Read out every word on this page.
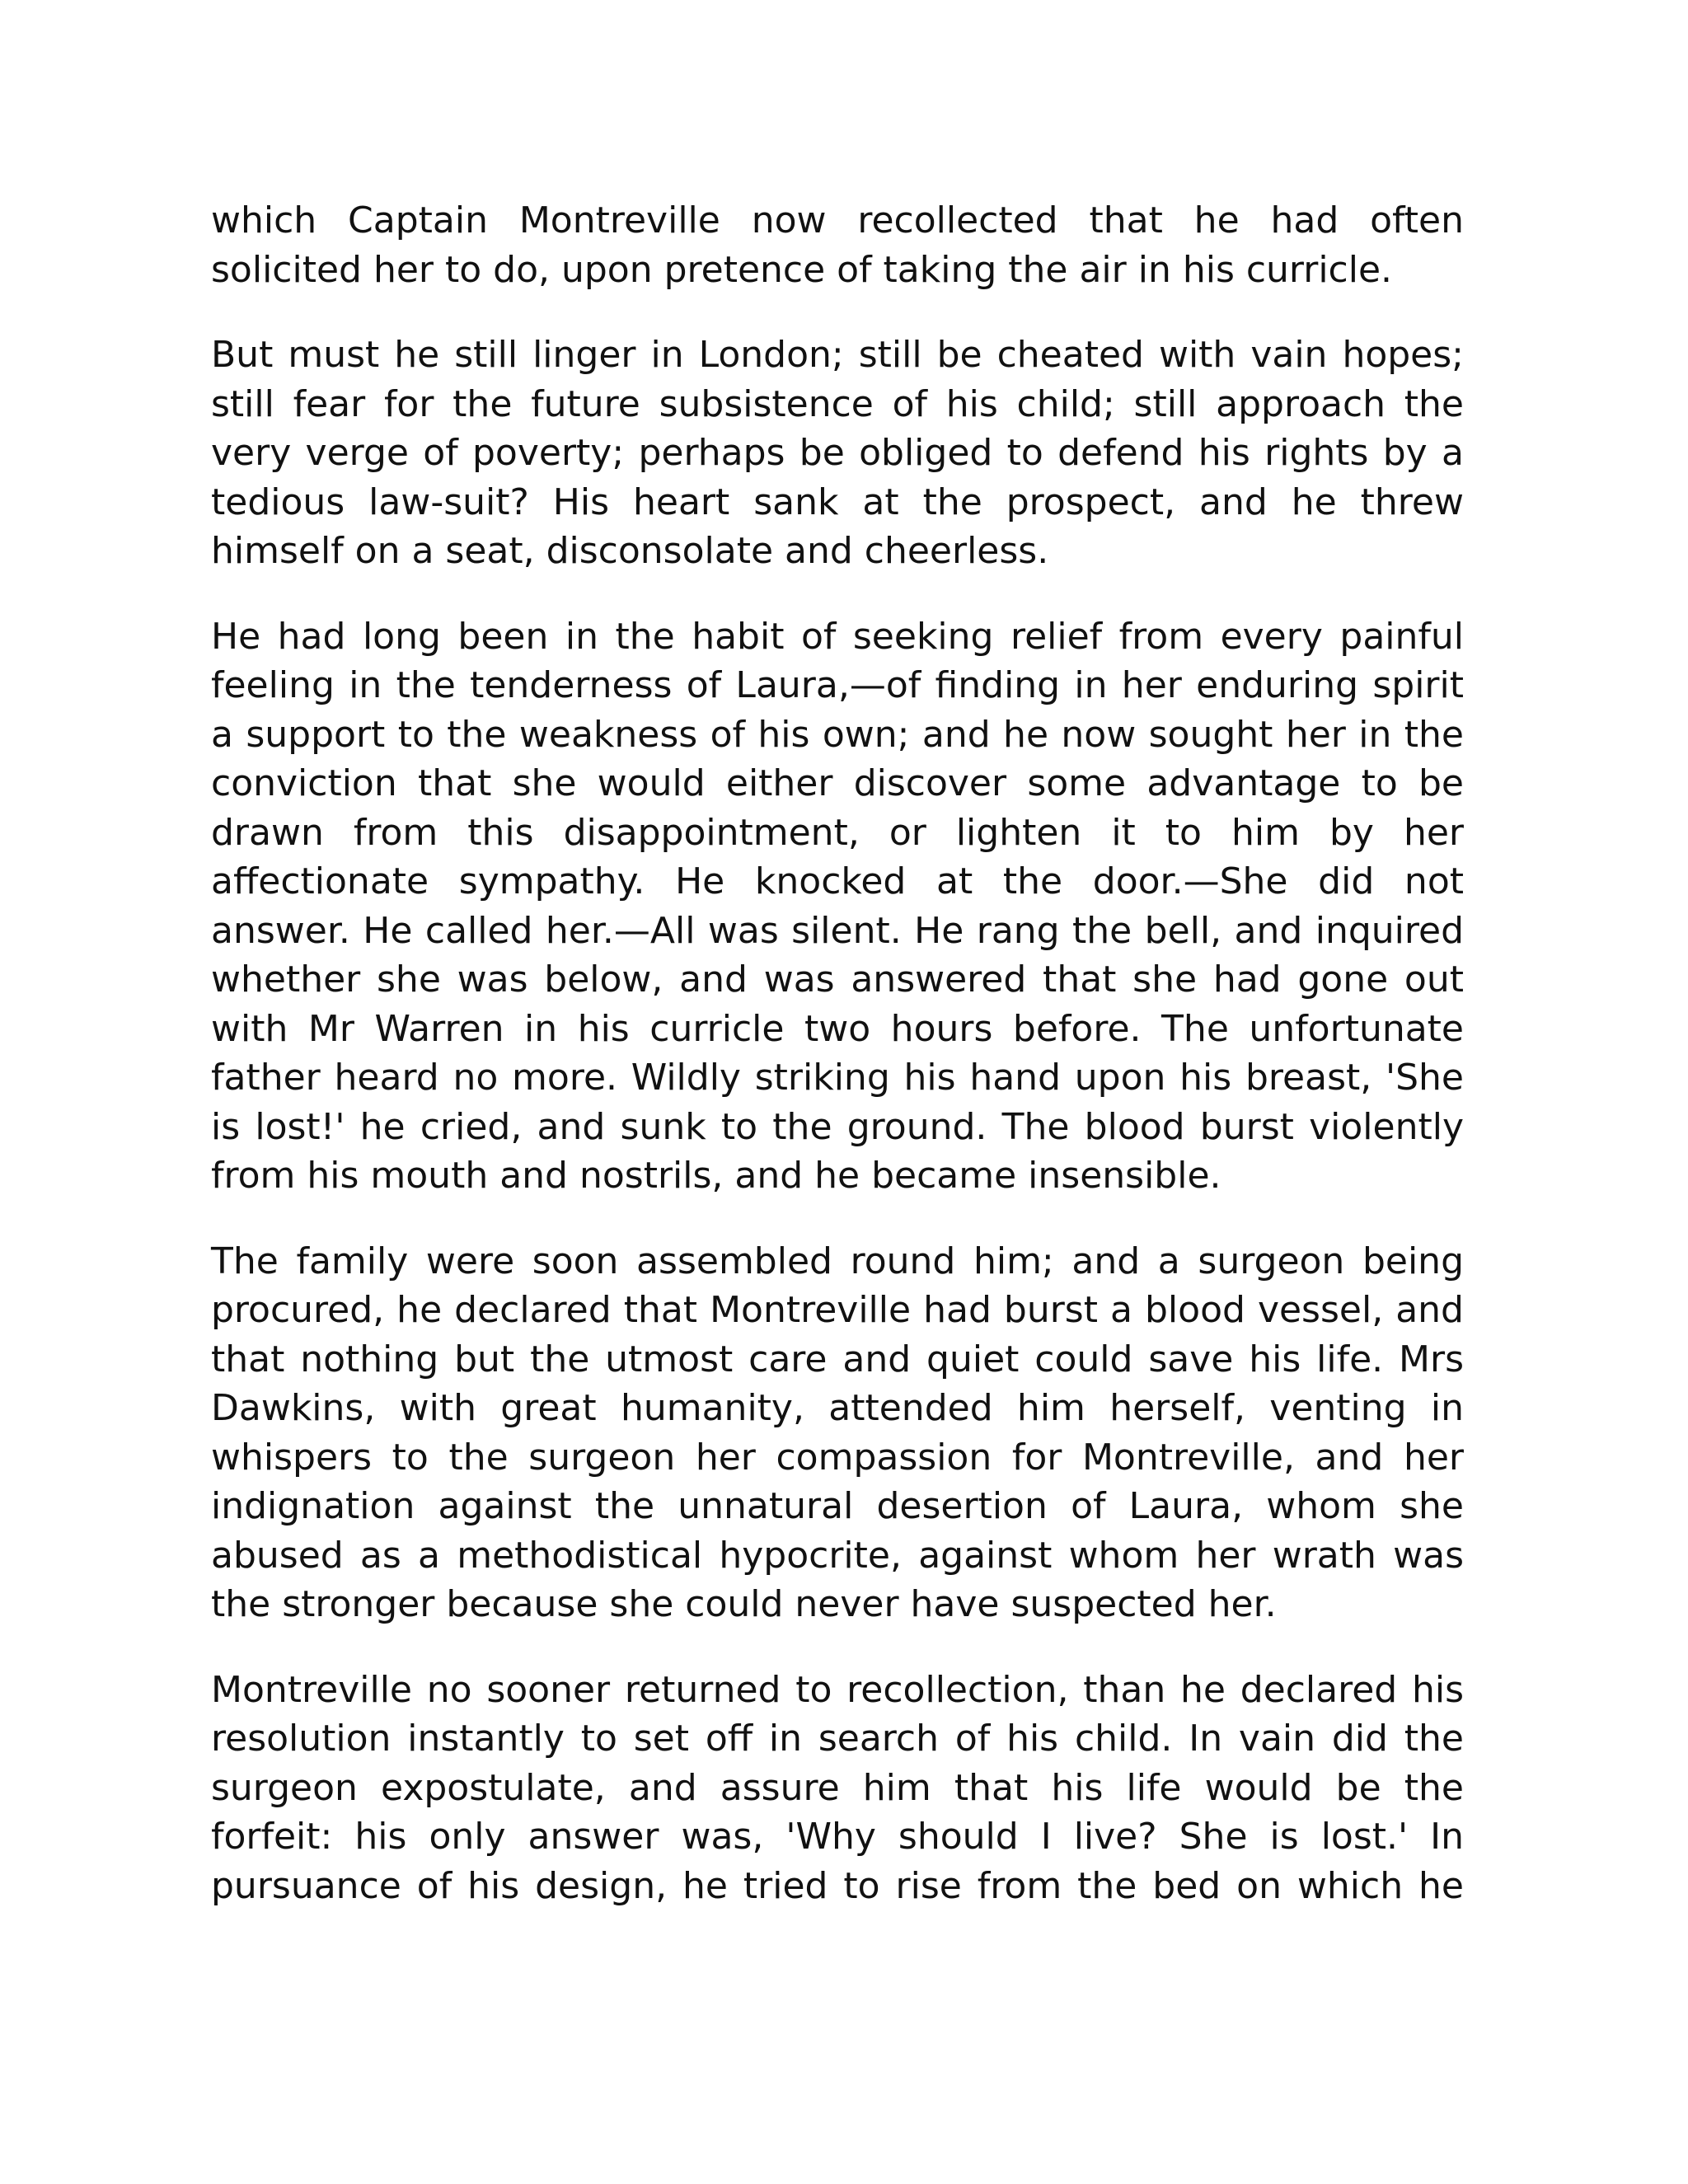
which Captain Montreville now recollected that he had often solicited her to do, upon pretence of taking the air in his curricle.

But must he still linger in London; still be cheated with vain hopes; still fear for the future subsistence of his child; still approach the very verge of poverty; perhaps be obliged to defend his rights by a tedious law-suit? His heart sank at the prospect, and he threw himself on a seat, disconsolate and cheerless.

He had long been in the habit of seeking relief from every painful feeling in the tenderness of Laura,—of finding in her enduring spirit a support to the weakness of his own; and he now sought her in the conviction that she would either discover some advantage to be drawn from this disappointment, or lighten it to him by her affectionate sympathy. He knocked at the door.—She did not answer. He called her.—All was silent. He rang the bell, and inquired whether she was below, and was answered that she had gone out with Mr Warren in his curricle two hours before. The unfortunate father heard no more. Wildly striking his hand upon his breast, 'She is lost!' he cried, and sunk to the ground. The blood burst violently from his mouth and nostrils, and he became insensible.

The family were soon assembled round him; and a surgeon being procured, he declared that Montreville had burst a blood vessel, and that nothing but the utmost care and quiet could save his life. Mrs Dawkins, with great humanity, attended him herself, venting in whispers to the surgeon her compassion for Montreville, and her indignation against the unnatural desertion of Laura, whom she abused as a methodistical hypocrite, against whom her wrath was the stronger because she could never have suspected her.

Montreville no sooner returned to recollection, than he declared his resolution instantly to set off in search of his child. In vain did the surgeon expostulate, and assure him that his life would be the forfeit: his only answer was, 'Why should I live? She is lost.' In pursuance of his design, he tried to rise from the bed on which he
